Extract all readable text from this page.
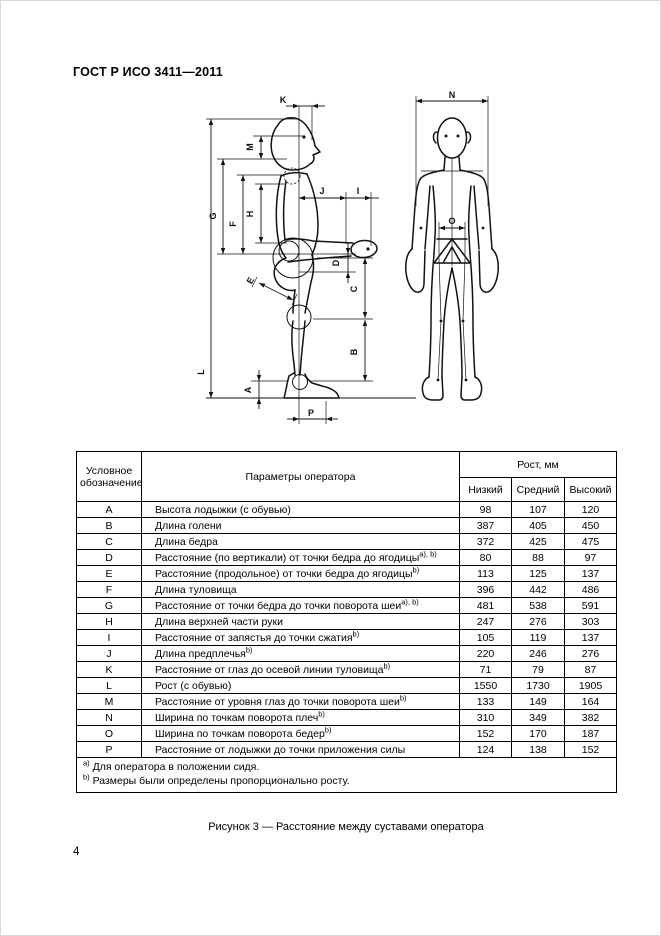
ГОСТ Р ИСО 3411—2011
K
M
H
F
G
L
J	I
D
E
C
B
A
P
N
O
Условное обозначение	Параметры оператора	Рост, мм		
		Низкий	Средний	Высокий
A	Высота лодыжки (с обувью)	98	107	120
B	Длина голени	387	405	450
C	Длина бедра	372	425	475
D	Расстояние (по вертикали) от точки бедра до ягодицы$^{a), b)}$	80	88	97
E	Расстояние (продольное) от точки бедра до ягодицы$^{b)}$	113	125	137
F	Длина туловища	396	442	486
G	Расстояние от точки бедра до точки поворота шеи$^{a), b)}$	481	538	591
H	Длина верхней части руки	247	276	303
I	Расстояние от запястья до точки сжатия$^{b)}$	105	119	137
J	Длина предплечья$^{b)}$	220	246	276
K	Расстояние от глаз до осевой линии туловища$^{b)}$	71	79	87
L	Рост (с обувью)	1550	1730	1905
M	Расстояние от уровня глаз до точки поворота шеи$^{b)}$	133	149	164
N	Ширина по точкам поворота плеч$^{b)}$	310	349	382
O	Ширина по точкам поворота бедер$^{b)}$	152	170	187
P	Расстояние от лодыжки до точки приложения силы	124	138	152

$^{a)}$ Для оператора в положении сидя.
$^{b)}$ Размеры были определены пропорционально росту.				
Рисунок 3 — Расстояние между суставами оператора
4
